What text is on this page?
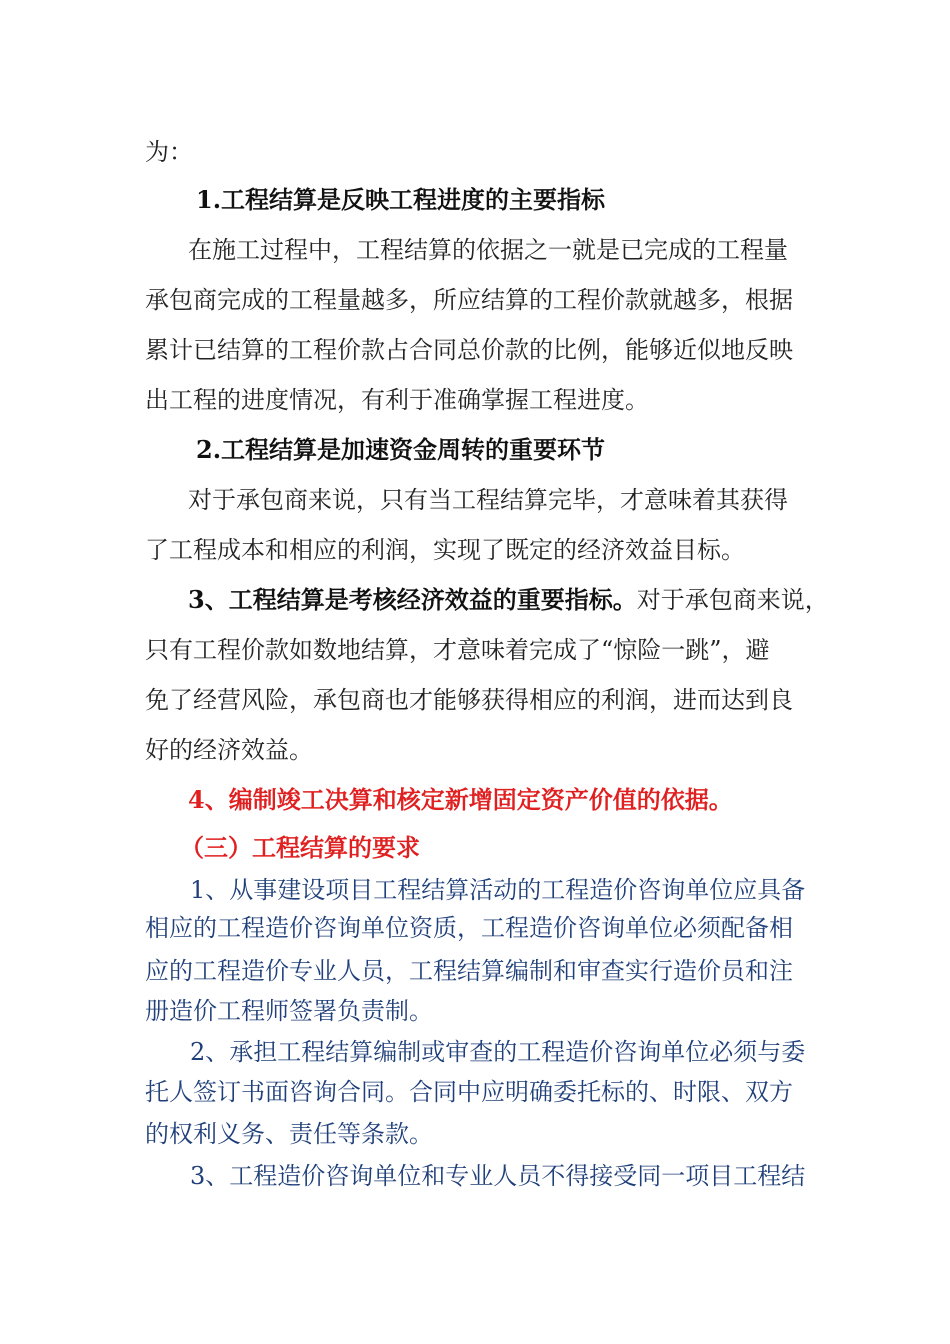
为：
1.工程结算是反映工程进度的主要指标
在施工过程中，工程结算的依据之一就是已完成的工程量
承包商完成的工程量越多，所应结算的工程价款就越多，根据
累计已结算的工程价款占合同总价款的比例，能够近似地反映
出工程的进度情况，有利于准确掌握工程进度。
2.工程结算是加速资金周转的重要环节
对于承包商来说，只有当工程结算完毕，才意味着其获得
了工程成本和相应的利润，实现了既定的经济效益目标。
3、工程结算是考核经济效益的重要指标。对于承包商来说，
只有工程价款如数地结算，才意味着完成了“惊险一跳”，避
免了经营风险，承包商也才能够获得相应的利润，进而达到良
好的经济效益。
4、编制竣工决算和核定新增固定资产价值的依据。
（三）工程结算的要求
1、从事建设项目工程结算活动的工程造价咨询单位应具备
相应的工程造价咨询单位资质，工程造价咨询单位必须配备相
应的工程造价专业人员，工程结算编制和审查实行造价员和注
册造价工程师签署负责制。
2、承担工程结算编制或审查的工程造价咨询单位必须与委
托人签订书面咨询合同。合同中应明确委托标的、时限、双方
的权利义务、责任等条款。
3、工程造价咨询单位和专业人员不得接受同一项目工程结
